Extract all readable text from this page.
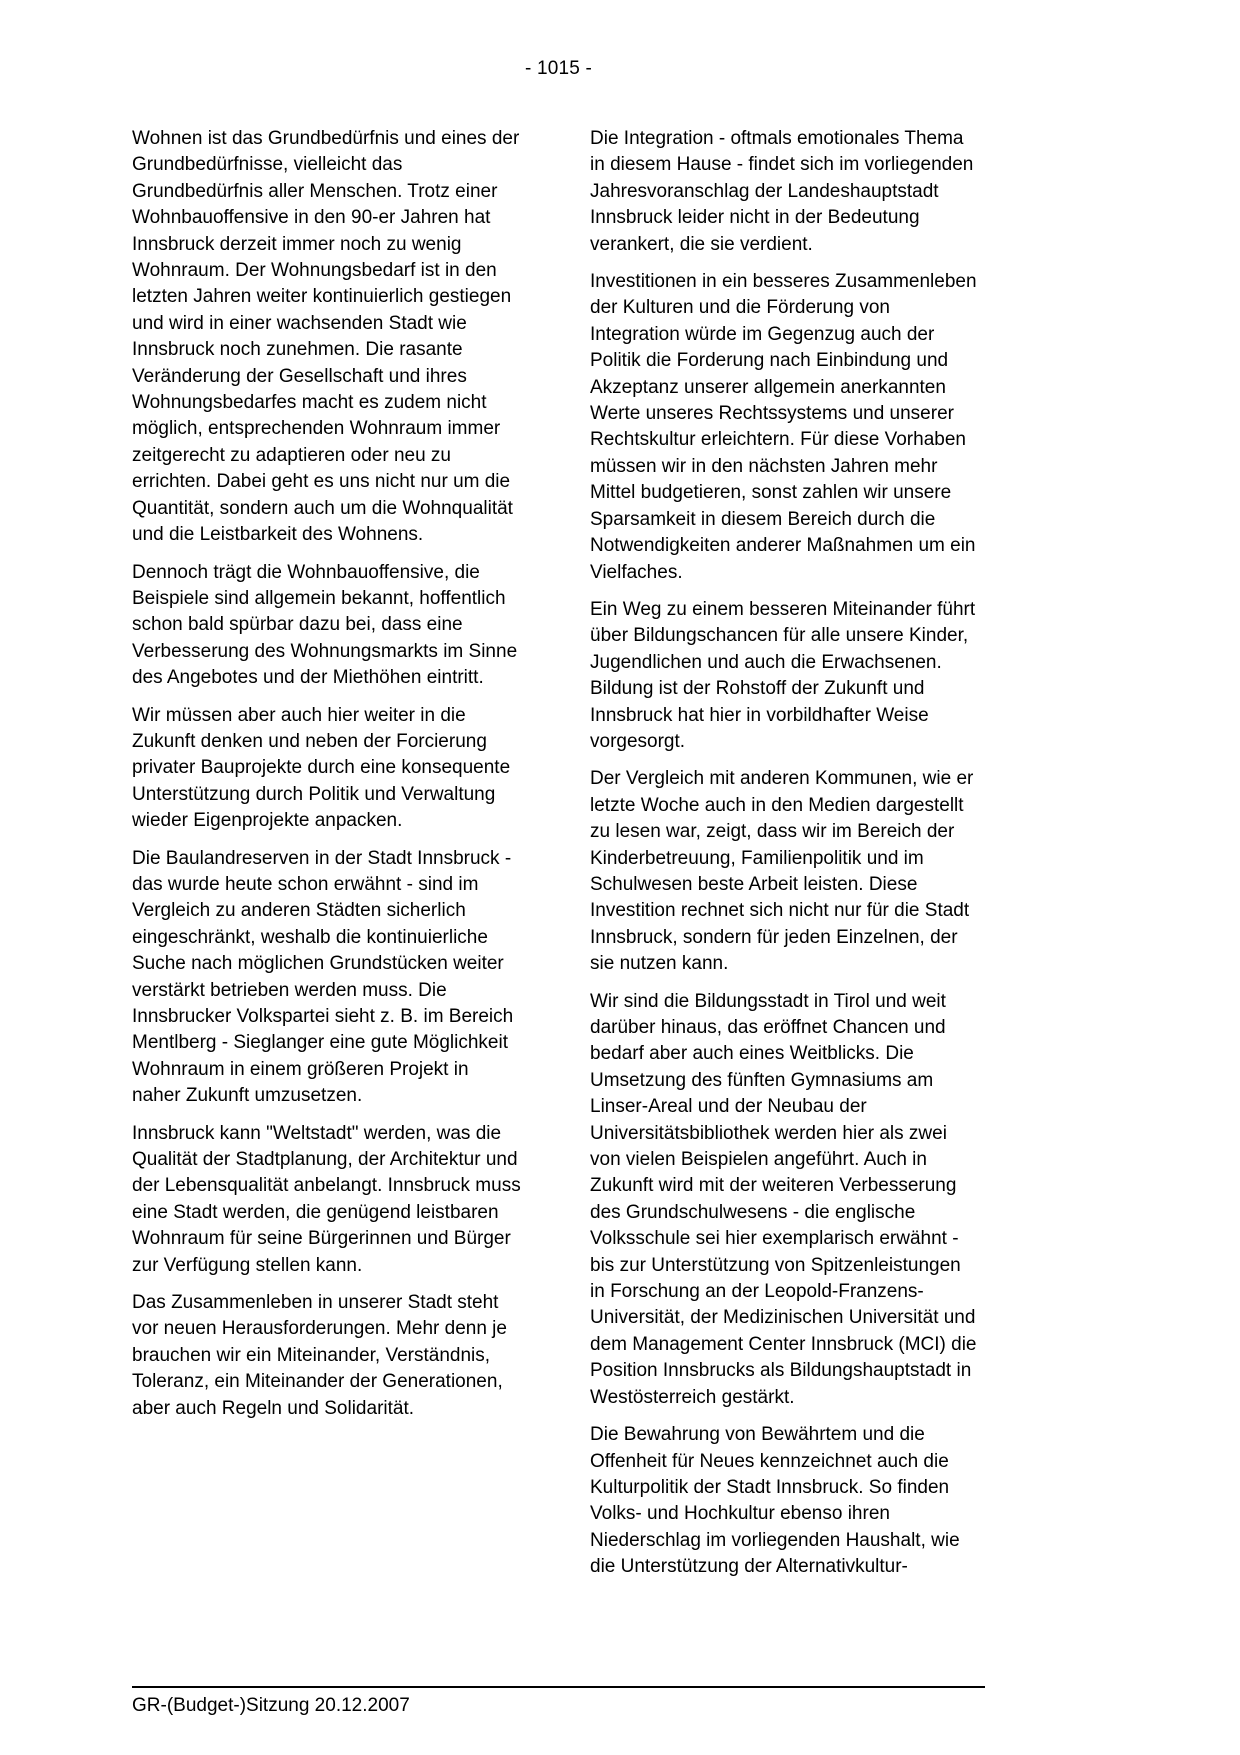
- 1015 -

Wohnen ist das Grundbedürfnis und eines der Grundbedürfnisse, vielleicht das Grundbedürfnis aller Menschen. Trotz einer Wohnbauoffensive in den 90-er Jahren hat Innsbruck derzeit immer noch zu wenig Wohnraum. Der Wohnungsbedarf ist in den letzten Jahren weiter kontinuierlich gestiegen und wird in einer wachsenden Stadt wie Innsbruck noch zunehmen. Die rasante Veränderung der Gesellschaft und ihres Wohnungsbedarfes macht es zudem nicht möglich, entsprechenden Wohnraum immer zeitgerecht zu adaptieren oder neu zu errichten. Dabei geht es uns nicht nur um die Quantität, sondern auch um die Wohnqualität und die Leistbarkeit des Wohnens.

Dennoch trägt die Wohnbauoffensive, die Beispiele sind allgemein bekannt, hoffentlich schon bald spürbar dazu bei, dass eine Verbesserung des Wohnungsmarkts im Sinne des Angebotes und der Miethöhen eintritt.

Wir müssen aber auch hier weiter in die Zukunft denken und neben der Forcierung privater Bauprojekte durch eine konsequente Unterstützung durch Politik und Verwaltung wieder Eigenprojekte anpacken.

Die Baulandreserven in der Stadt Innsbruck - das wurde heute schon erwähnt - sind im Vergleich zu anderen Städten sicherlich eingeschränkt, weshalb die kontinuierliche Suche nach möglichen Grundstücken weiter verstärkt betrieben werden muss. Die Innsbrucker Volkspartei sieht z. B. im Bereich Mentlberg - Sieglanger eine gute Möglichkeit Wohnraum in einem größeren Projekt in naher Zukunft umzusetzen.

Innsbruck kann "Weltstadt" werden, was die Qualität der Stadtplanung, der Architektur und der Lebensqualität anbelangt. Innsbruck muss eine Stadt werden, die genügend leistbaren Wohnraum für seine Bürgerinnen und Bürger zur Verfügung stellen kann.

Das Zusammenleben in unserer Stadt steht vor neuen Herausforderungen. Mehr denn je brauchen wir ein Miteinander, Verständnis, Toleranz, ein Miteinander der Generationen, aber auch Regeln und Solidarität.

Die Integration - oftmals emotionales Thema in diesem Hause - findet sich im vorliegenden Jahresvoranschlag der Landeshauptstadt Innsbruck leider nicht in der Bedeutung verankert, die sie verdient.

Investitionen in ein besseres Zusammenleben der Kulturen und die Förderung von Integration würde im Gegenzug auch der Politik die Forderung nach Einbindung und Akzeptanz unserer allgemein anerkannten Werte unseres Rechtssystems und unserer Rechtskultur erleichtern. Für diese Vorhaben müssen wir in den nächsten Jahren mehr Mittel budgetieren, sonst zahlen wir unsere Sparsamkeit in diesem Bereich durch die Notwendigkeiten anderer Maßnahmen um ein Vielfaches.

Ein Weg zu einem besseren Miteinander führt über Bildungschancen für alle unsere Kinder, Jugendlichen und auch die Erwachsenen. Bildung ist der Rohstoff der Zukunft und Innsbruck hat hier in vorbildhafter Weise vorgesorgt.

Der Vergleich mit anderen Kommunen, wie er letzte Woche auch in den Medien dargestellt zu lesen war, zeigt, dass wir im Bereich der Kinderbetreuung, Familienpolitik und im Schulwesen beste Arbeit leisten. Diese Investition rechnet sich nicht nur für die Stadt Innsbruck, sondern für jeden Einzelnen, der sie nutzen kann.

Wir sind die Bildungsstadt in Tirol und weit darüber hinaus, das eröffnet Chancen und bedarf aber auch eines Weitblicks. Die Umsetzung des fünften Gymnasiums am Linser-Areal und der Neubau der Universitätsbibliothek werden hier als zwei von vielen Beispielen angeführt. Auch in Zukunft wird mit der weiteren Verbesserung des Grundschulwesens - die englische Volksschule sei hier exemplarisch erwähnt - bis zur Unterstützung von Spitzenleistungen in Forschung an der Leopold-Franzens-Universität, der Medizinischen Universität und dem Management Center Innsbruck (MCI) die Position Innsbrucks als Bildungshauptstadt in Westösterreich gestärkt.

Die Bewahrung von Bewährtem und die Offenheit für Neues kennzeichnet auch die Kulturpolitik der Stadt Innsbruck. So finden Volks- und Hochkultur ebenso ihren Niederschlag im vorliegenden Haushalt, wie die Unterstützung der Alternativkultur-

GR-(Budget-)Sitzung 20.12.2007
